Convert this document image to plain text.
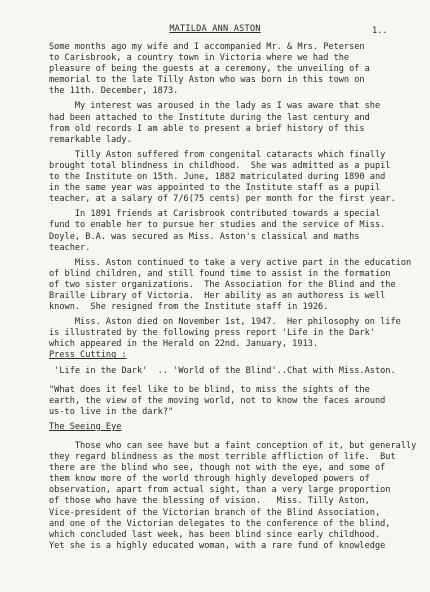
MATILDA ANN ASTON	1..
Some months ago my wife and I accompanied Mr. & Mrs. Petersen
to Carisbrook, a country town in Victoria where we had the
pleasure of being the guests at a ceremony, the unveiling of a
memorial to the late Tilly Aston who was born in this town on
the 11th. December, 1873.
My interest was aroused in the lady as I was aware that she
had been attached to the Institute during the last century and
from old records I am able to present a brief history of this
remarkable lady.
Tilly Aston suffered from congenital cataracts which finally
brought total blindness in childhood.  She was admitted as a pupil
to the Institute on 15th. June, 1882 matriculated during 1890 and
in the same year was appointed to the Institute staff as a pupil
teacher, at a salary of 7/6(75 cents) per month for the first year.
In 1891 friends at Carisbrook contributed towards a special
fund to enable her to pursue her studies and the service of Miss.
Doyle, B.A. was secured as Miss. Aston's classical and maths
teacher.
Miss. Aston continued to take a very active part in the education
of blind children, and still found time to assist in the formation
of two sister organizations.  The Association for the Blind and the
Braille Library of Victoria.  Her ability as an authoress is well
known.  She resigned from the Institute staff in 1926.
Miss. Aston died on November 1st, 1947.  Her philosophy on life
is illustrated by the following press report 'Life in the Dark'
which appeared in the Herald on 22nd. January, 1913.
Press Cutting :
'Life in the Dark'  .. 'World of the Blind'..Chat with Miss.Aston.
"What does it feel like to be blind, to miss the sights of the
earth, the view of the moving world, not to know the faces around
us-to live in the dark?"
The Seeing Eye
Those who can see have but a faint conception of it, but generally
they regard blindness as the most terrible affliction of life.  But
there are the blind who see, though not with the eye, and some of
them know more of the world through highly developed powers of
observation, apart from actual sight, than a very large proportion
of those who have the blessing of vision.   Miss. Tilly Aston,
Vice-president of the Victorian branch of the Blind Association,
and one of the Victorian delegates to the conference of the blind,
which concluded last week, has been blind since early childhood.
Yet she is a highly educated woman, with a rare fund of knowledge
